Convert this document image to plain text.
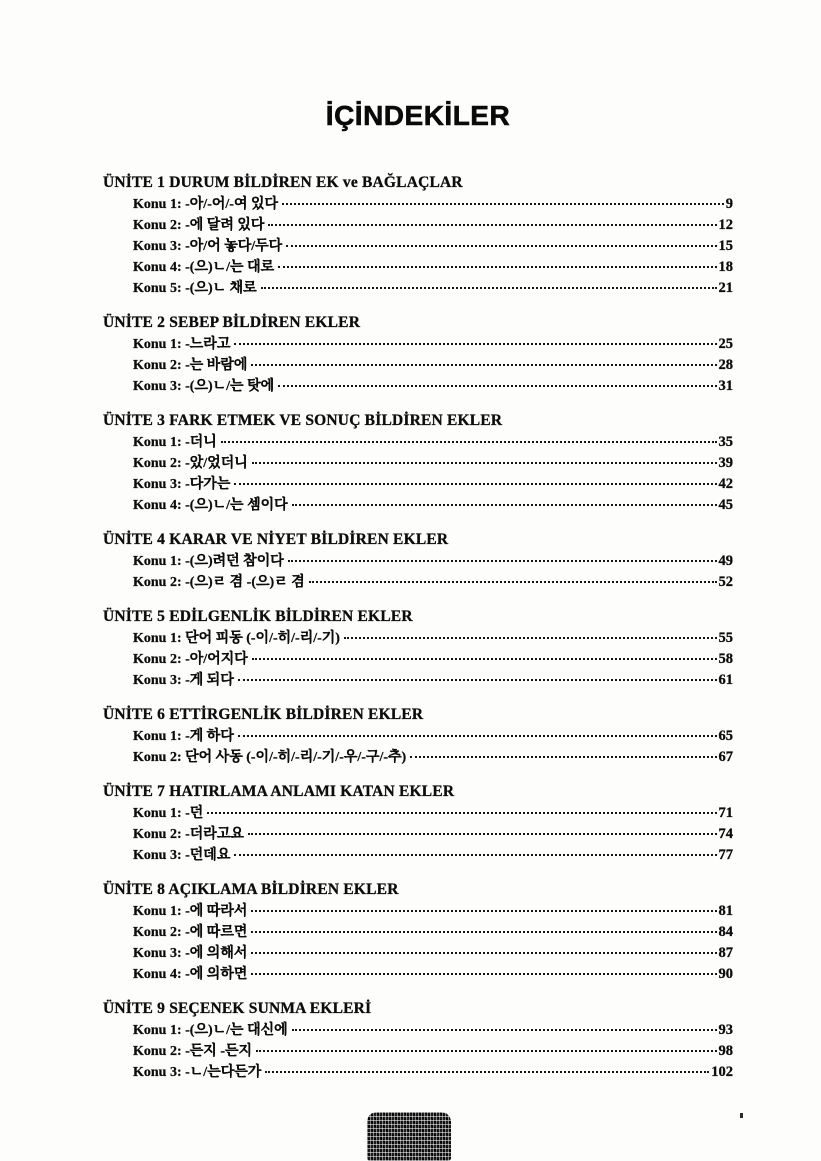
İÇİNDEKİLER
ÜNİTE 1 DURUM BİLDİREN EK ve BAĞLAÇLAR
Konu 1: -아/-어/-여 있다	9
Konu 2: -에 달려 있다	12
Konu 3: -아/어 놓다/두다	15
Konu 4: -(으)ㄴ/는 대로	18
Konu 5: -(으)ㄴ 채로	21
ÜNİTE 2 SEBEP BİLDİREN EKLER
Konu 1: -느라고	25
Konu 2: -는 바람에	28
Konu 3: -(으)ㄴ/는 탓에	31
ÜNİTE 3 FARK ETMEK VE SONUÇ BİLDİREN EKLER
Konu 1: -더니	35
Konu 2: -았/었더니	39
Konu 3: -다가는	42
Konu 4: -(으)ㄴ/는 셈이다	45
ÜNİTE 4 KARAR VE NİYET BİLDİREN EKLER
Konu 1: -(으)려던 참이다	49
Konu 2: -(으)ㄹ 겸 -(으)ㄹ 겸	52
ÜNİTE 5 EDİLGENLİK BİLDİREN EKLER
Konu 1: 단어 피동 (-이/-히/-리/-기)	55
Konu 2: -아/어지다	58
Konu 3: -게 되다	61
ÜNİTE 6 ETTİRGENLİK BİLDİREN EKLER
Konu 1: -게 하다	65
Konu 2: 단어 사동 (-이/-히/-리/-기/-우/-구/-추)	67
ÜNİTE 7 HATIRLAMA ANLAMI KATAN EKLER
Konu 1: -던	71
Konu 2: -더라고요	74
Konu 3: -던데요	77
ÜNİTE 8 AÇIKLAMA BİLDİREN EKLER
Konu 1: -에 따라서	81
Konu 2: -에 따르면	84
Konu 3: -에 의해서	87
Konu 4: -에 의하면	90
ÜNİTE 9 SEÇENEK SUNMA EKLERİ
Konu 1: -(으)ㄴ/는 대신에	93
Konu 2: -든지 -든지	98
Konu 3: -ㄴ/는다든가	102
